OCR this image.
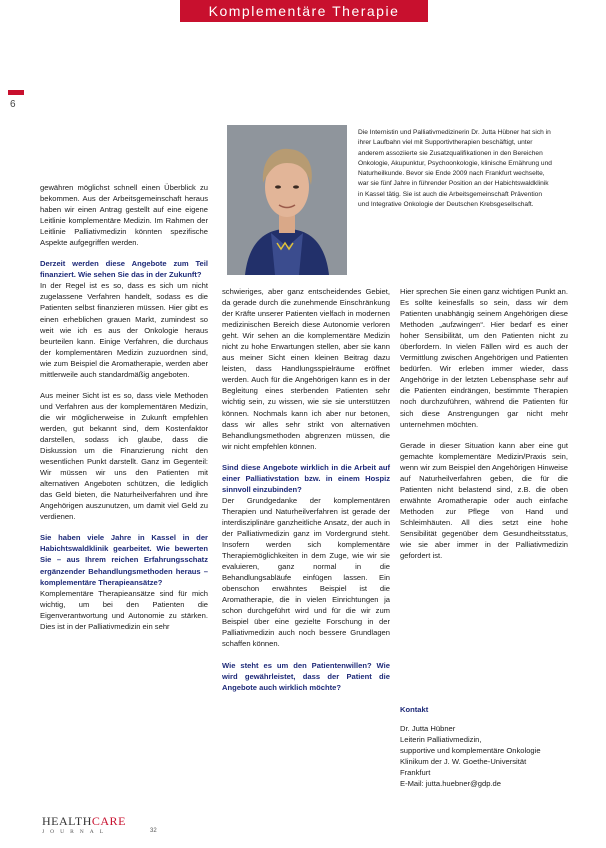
Komplementäre Therapie
6
Die Internistin und Palliativmedizinerin Dr. Jutta Hübner hat sich in ihrer Laufbahn viel mit Supportivtherapien beschäftigt, unter anderem assoziierte sie Zusatzqualifikationen in den Bereichen Onkologie, Akupunktur, Psychoonkologie, klinische Ernährung und Naturheilkunde. Bevor sie Ende 2009 nach Frankfurt wechselte, war sie fünf Jahre in führender Position an der Habichtswaldklinik in Kassel tätig. Sie ist auch die Arbeitsgemeinschaft Prävention und Integrative Onkologie der Deutschen Krebsgesellschaft.

gewähren möglichst schnell einen Überblick zu bekommen. Aus der Arbeitsgemeinschaft heraus haben wir einen Antrag gestellt auf eine eigene Leitlinie komplementäre Medizin. Im Rahmen der Leitlinie Palliativmedizin könnten spezifische Aspekte aufgegriffen werden.

Derzeit werden diese Angebote zum Teil finanziert. Wie sehen Sie das in der Zukunft?

In der Regel ist es so, dass es sich um nicht zugelassene Verfahren handelt, sodass es die Patienten selbst finanzieren müssen. Hier gibt es einen erheblichen grauen Markt, zumindest so weit wie ich es aus der Onkologie heraus beurteilen kann. Einige Verfahren, die durchaus der komplementären Medizin zuzuordnen sind, wie zum Beispiel die Aromatherapie, werden aber mittlerweile auch standardmäßig angeboten.

Aus meiner Sicht ist es so, dass viele Methoden und Verfahren aus der komplementären Medizin, die wir möglicherweise in Zukunft empfehlen werden, gut bekannt sind, dem Kostenfaktor darstellen, sodass ich glaube, dass die Diskussion um die Finanzierung nicht den wesentlichen Punkt darstellt. Ganz im Gegenteil: Wir müssen wir uns den Patienten mit alternativen Angeboten schützen, die lediglich das Geld bieten, die Naturheilverfahren und ihre Angehörigen auszunutzen, um damit viel Geld zu verdienen.

Sie haben viele Jahre in Kassel in der Habichtswaldklinik gearbeitet. Wie bewerten Sie – aus Ihrem reichen Erfahrungsschatz ergänzender Behandlungsmethoden heraus – komplementäre Therapieansätze?

Komplementäre Therapieansätze sind für mich wichtig, um bei den Patienten die Eigenverantwortung und Autonomie zu stärken. Dies ist in der Palliativmedizin ein sehr

schwieriges, aber ganz entscheidendes Gebiet, da gerade durch die zunehmende Einschränkung der Kräfte unserer Patienten vielfach in modernen medizinischen Bereich diese Autonomie verloren geht. Wir sehen an die komplementäre Medizin nicht zu hohe Erwartungen stellen, aber sie kann aus meiner Sicht einen kleinen Beitrag dazu leisten, dass Handlungsspielräume eröffnet werden. Auch für die Angehörigen kann es in der Begleitung eines sterbenden Patienten sehr wichtig sein, zu wissen, wie sie sie unterstützen können. Nochmals kann ich aber nur betonen, dass wir alles sehr strikt von alternativen Behandlungsmethoden abgrenzen müssen, die wir nicht empfehlen können.

Sind diese Angebote wirklich in die Arbeit auf einer Palliativstation bzw. in einem Hospiz sinnvoll einzubinden?

Der Grundgedanke der komplementären Therapien und Naturheilverfahren ist gerade der interdisziplinäre ganzheitliche Ansatz, der auch in der Palliativmedizin ganz im Vordergrund steht. Insofern werden sich komplementäre Therapiemöglichkeiten in dem Zuge, wie wir sie evaluieren, ganz normal in die Behandlungsabläufe einfügen lassen. Ein obenschon erwähntes Beispiel ist die Aromatherapie, die in vielen Einrichtungen ja schon durchgeführt wird und für die wir zum Beispiel über eine gezielte Forschung in der Palliativmedizin auch noch bessere Grundlagen schaffen können.

Wie steht es um den Patientenwillen? Wie wird gewährleistet, dass der Patient die Angebote auch wirklich möchte?

Hier sprechen Sie einen ganz wichtigen Punkt an. Es sollte keinesfalls so sein, dass wir dem Patienten unabhängig seinem Angehörigen diese Methoden „aufzwingen“. Hier bedarf es einer hoher Sensibilität, um den Patienten nicht zu überfordern. In vielen Fällen wird es auch der Vermittlung zwischen Angehörigen und Patienten bedürfen. Wir erleben immer wieder, dass Angehörige in der letzten Lebensphase sehr auf die Patienten eindrängen, bestimmte Therapien noch durchzuführen, während die Patienten für sich diese Anstrengungen gar nicht mehr unternehmen möchten.

Gerade in dieser Situation kann aber eine gut gemachte komplementäre Medizin/Praxis sein, wenn wir zum Beispiel den Angehörigen Hinweise auf Naturheilverfahren geben, die für die Patienten nicht belastend sind, z.B. die oben erwähnte Aromatherapie oder auch einfache Methoden zur Pflege von Hand und Schleimhäuten. All dies setzt eine hohe Sensibilität gegenüber dem Gesundheitsstatus, wie sie aber immer in der Palliativmedizin gefordert ist.

Kontakt
Dr. Jutta Hübner
Leiterin Palliativmedizin,
supportive und komplementäre Onkologie
Klinikum der J. W. Goethe-Universität
Frankfurt
E-Mail: jutta.huebner@gdp.de
HEALTHCARE
JOURNAL	32
